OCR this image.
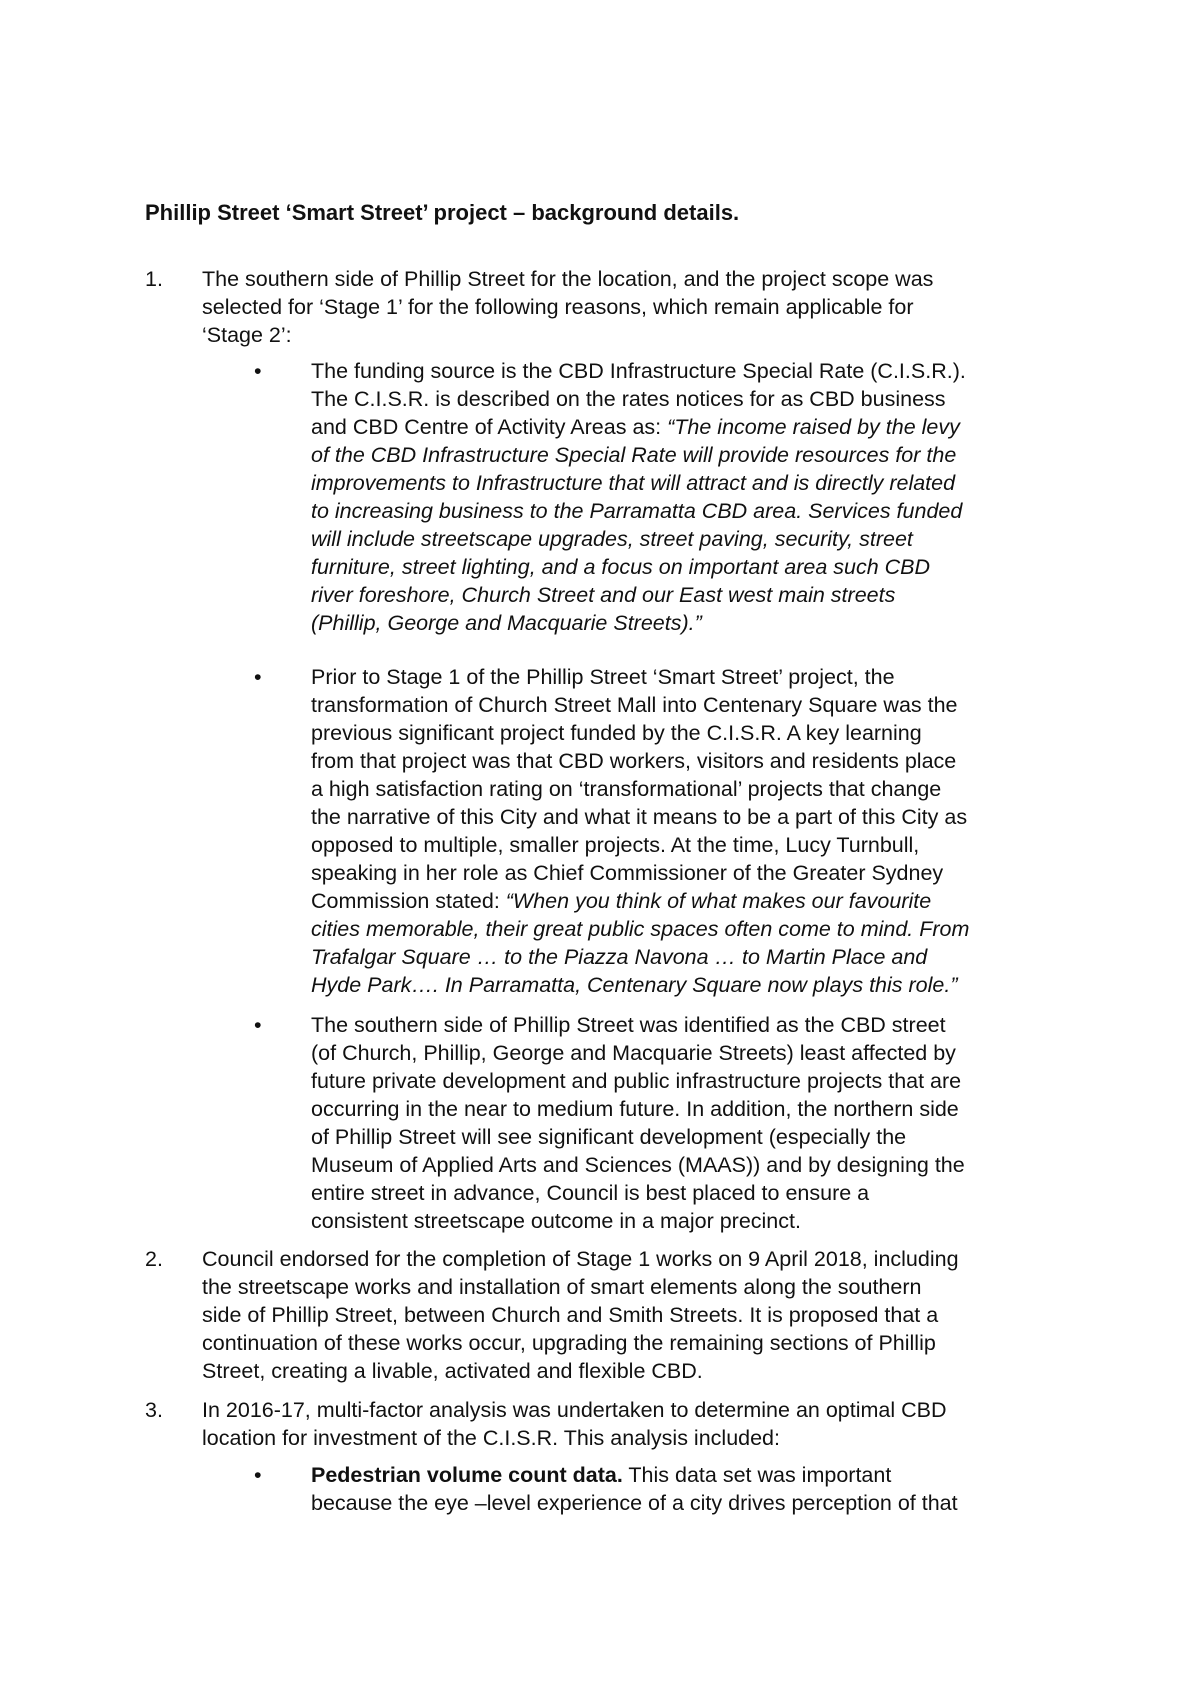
Phillip Street ‘Smart Street’ project – background details.
1. The southern side of Phillip Street for the location, and the project scope was
selected for ‘Stage 1’ for the following reasons, which remain applicable for
‘Stage 2’:
• The funding source is the CBD Infrastructure Special Rate (C.I.S.R.).
The C.I.S.R. is described on the rates notices for as CBD business
and CBD Centre of Activity Areas as: “The income raised by the levy
of the CBD Infrastructure Special Rate will provide resources for the
improvements to Infrastructure that will attract and is directly related
to increasing business to the Parramatta CBD area. Services funded
will include streetscape upgrades, street paving, security, street
furniture, street lighting, and a focus on important area such CBD
river foreshore, Church Street and our East west main streets
(Phillip, George and Macquarie Streets).”
• Prior to Stage 1 of the Phillip Street ‘Smart Street’ project, the
transformation of Church Street Mall into Centenary Square was the
previous significant project funded by the C.I.S.R. A key learning
from that project was that CBD workers, visitors and residents place
a high satisfaction rating on ‘transformational’ projects that change
the narrative of this City and what it means to be a part of this City as
opposed to multiple, smaller projects. At the time, Lucy Turnbull,
speaking in her role as Chief Commissioner of the Greater Sydney
Commission stated: “When you think of what makes our favourite
cities memorable, their great public spaces often come to mind. From
Trafalgar Square … to the Piazza Navona … to Martin Place and
Hyde Park…. In Parramatta, Centenary Square now plays this role.”
• The southern side of Phillip Street was identified as the CBD street
(of Church, Phillip, George and Macquarie Streets) least affected by
future private development and public infrastructure projects that are
occurring in the near to medium future. In addition, the northern side
of Phillip Street will see significant development (especially the
Museum of Applied Arts and Sciences (MAAS)) and by designing the
entire street in advance, Council is best placed to ensure a
consistent streetscape outcome in a major precinct.
2. Council endorsed for the completion of Stage 1 works on 9 April 2018, including
the streetscape works and installation of smart elements along the southern
side of Phillip Street, between Church and Smith Streets. It is proposed that a
continuation of these works occur, upgrading the remaining sections of Phillip
Street, creating a livable, activated and flexible CBD.
3. In 2016-17, multi-factor analysis was undertaken to determine an optimal CBD
location for investment of the C.I.S.R. This analysis included:
• Pedestrian volume count data. This data set was important
because the eye –level experience of a city drives perception of that
